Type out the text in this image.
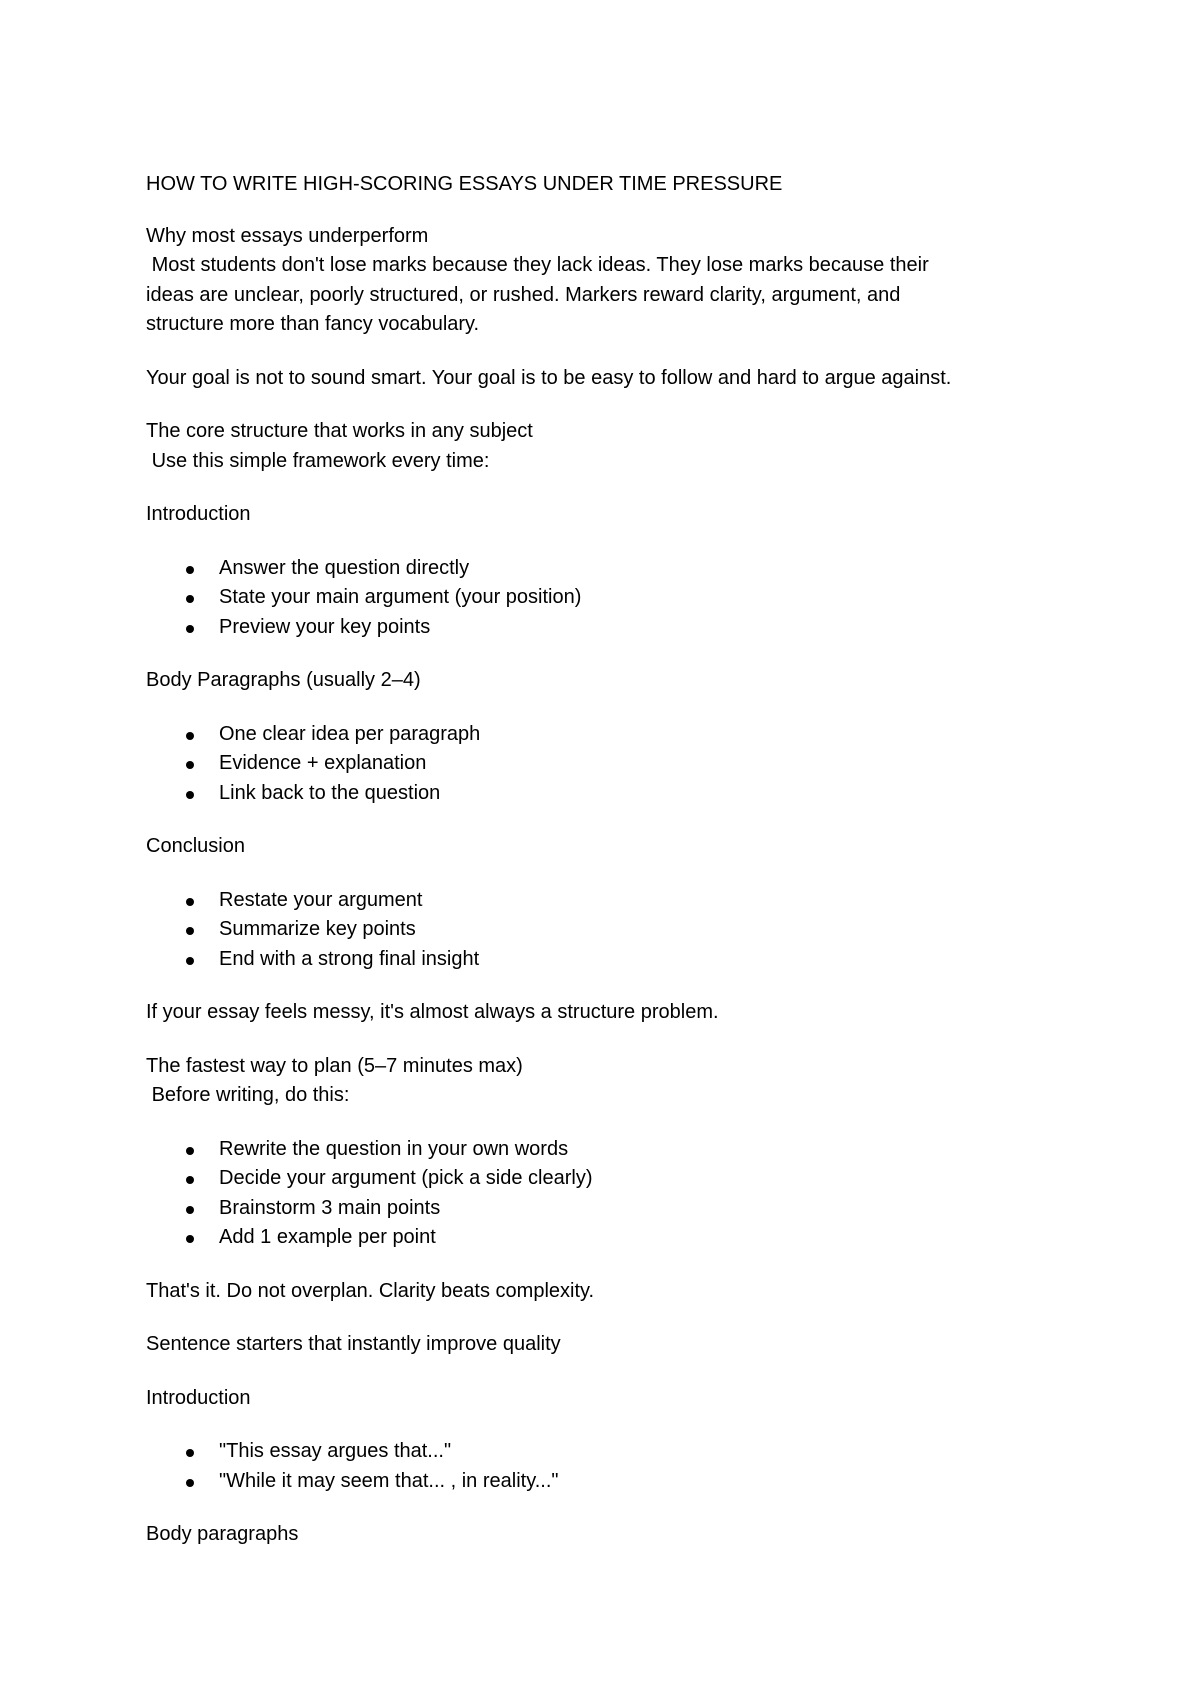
HOW TO WRITE HIGH-SCORING ESSAYS UNDER TIME PRESSURE

Why most essays underperform
Most students don't lose marks because they lack ideas. They lose marks because their
ideas are unclear, poorly structured, or rushed. Markers reward clarity, argument, and
structure more than fancy vocabulary.

Your goal is not to sound smart. Your goal is to be easy to follow and hard to argue against.

The core structure that works in any subject
Use this simple framework every time:

Introduction

Answer the question directly
State your main argument (your position)
Preview your key points

Body Paragraphs (usually 2–4)

One clear idea per paragraph
Evidence + explanation
Link back to the question

Conclusion

Restate your argument
Summarize key points
End with a strong final insight

If your essay feels messy, it's almost always a structure problem.

The fastest way to plan (5–7 minutes max)
Before writing, do this:
Rewrite the question in your own words
Decide your argument (pick a side clearly)
Brainstorm 3 main points
Add 1 example per point

That's it. Do not overplan. Clarity beats complexity.

Sentence starters that instantly improve quality

Introduction

"This essay argues that..."
"While it may seem that... , in reality..."

Body paragraphs
